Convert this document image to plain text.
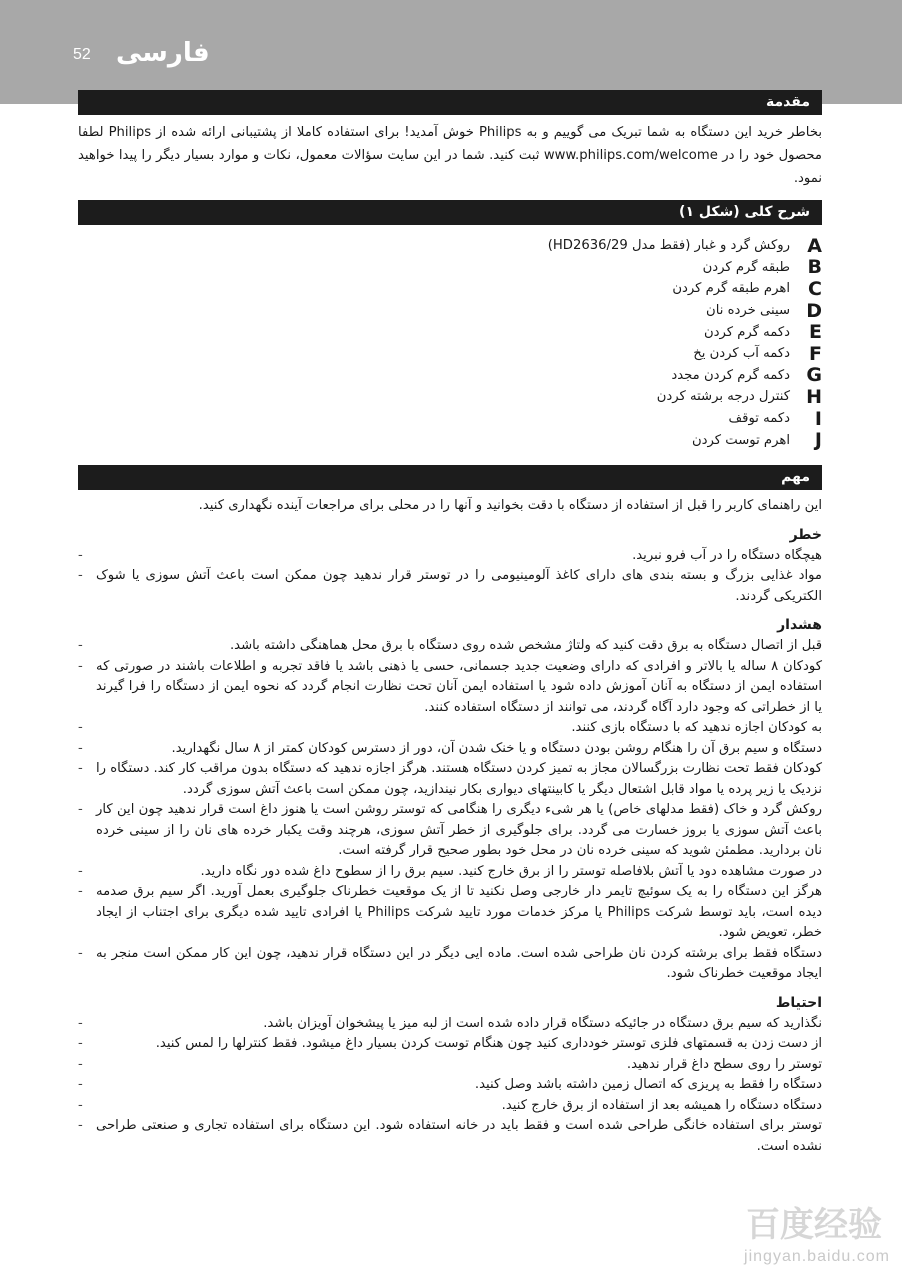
52 فارسی
مقدمة
بخاطر خرید این دستگاه به شما تبریک می گوییم و به Philips خوش آمدید! برای استفاده کاملا از پشتیبانی ارائه شده از Philips لطفا محصول خود را در www.philips.com/welcome ثبت کنید. شما در این سایت سؤالات معمول، نکات و موارد بسیار دیگر را پیدا خواهید نمود.
شرح کلی (شکل ۱)
روکش گرد و غبار (فقط مدل HD2636/29) A
طبقه گرم کردن B
اهرم طبقه گرم کردن C
سینی خرده نان D
دکمه گرم کردن	E
دکمه آب کردن یخ	F
دکمه گرم کردن مجدد G
کنترل درجه برشته کردن H
دکمه توقف	I
اهرم توست کردن	J
مهم
این راهنمای کاربر را قبل از استفاده از دستگاه با دقت بخوانید و آنها را در محلی برای مراجعات آینده نگهداری کنید.
خطر
-	هیچگاه دستگاه را در آب فرو نبرید.
-	مواد غذایی بزرگ و بسته بندی های دارای کاغذ آلومینیومی را در توستر قرار ندهید چون ممکن است باعث آتش سوزی یا شوک الکتریکی گردند.
هشدار
-	قبل از اتصال دستگاه به برق دقت کنید که ولتاژ مشخص شده روی دستگاه با برق محل هماهنگی داشته باشد.
-	کودکان ۸ ساله یا بالاتر و افرادی که دارای وضعیت جدید جسمانی، حسی یا ذهنی باشد یا فاقد تجربه و اطلاعات باشند در صورتی که استفاده ایمن از دستگاه به آنان آموزش داده شود یا استفاده ایمن آنان تحت نظارت انجام گردد که نحوه ایمن از دستگاه را فرا گیرند یا از خطراتی که وجود دارد آگاه گردند، می توانند از دستگاه استفاده کنند.
-	به کودکان اجازه ندهید که با دستگاه بازی کنند.
-	دستگاه و سیم برق آن را هنگام روشن بودن دستگاه و یا خنک شدن آن، دور از دسترس کودکان کمتر از ۸ سال نگهدارید.
-	کودکان فقط تحت نظارت بزرگسالان مجاز به تمیز کردن دستگاه هستند. هرگز اجازه ندهید که دستگاه بدون مراقب کار کند. دستگاه را نزدیک یا زیر پرده یا مواد قابل اشتعال دیگر یا کابینتهای دیواری بکار نیندازید، چون ممکن است باعث آتش سوزی گردد.
-	روکش گرد و خاک (فقط مدلهای خاص) یا هر شیء دیگری را هنگامی که توستر روشن است یا هنوز داغ است قرار ندهید چون این کار باعث آتش سوزی یا بروز خسارت می گردد. برای جلوگیری از خطر آتش سوزی، هرچند وقت یکبار خرده های نان را از سینی خرده نان بردارید. مطمئن شوید که سینی خرده نان در محل خود بطور صحیح قرار گرفته است.
-	در صورت مشاهده دود یا آتش بلافاصله توستر را از برق خارج کنید. سیم برق را از سطوح داغ شده دور نگاه دارید.
-	هرگز این دستگاه را به یک سوئیچ تایمر دار خارجی وصل نکنید تا از یک موقعیت خطرناک جلوگیری بعمل آورید. اگر سیم برق صدمه دیده است، باید توسط شرکت Philips یا مرکز خدمات مورد تایید شرکت Philips یا افرادی تایید شده دیگری برای اجتناب از ایجاد خطر، تعویض شود.
-	دستگاه فقط برای برشته کردن نان طراحی شده است. ماده ایی دیگر در این دستگاه قرار ندهید، چون این کار ممکن است منجر به ایجاد موقعیت خطرناک شود.
احتیاط
-	نگذارید که سیم برق دستگاه در جائیکه دستگاه قرار داده شده است از لبه میز یا پیشخوان آویزان باشد.
-	از دست زدن به قسمتهای فلزی توستر خودداری کنید چون هنگام توست کردن بسیار داغ میشود. فقط کنترلها را لمس کنید.
-	توستر را روی سطح داغ قرار ندهید.
-	دستگاه را فقط به پریزی که اتصال زمین داشته باشد وصل کنید.
-	دستگاه دستگاه را همیشه بعد از استفاده از برق خارج کنید.
-	توستر برای استفاده خانگی طراحی شده است و فقط باید در خانه استفاده شود. این دستگاه برای استفاده تجاری و صنعتی طراحی نشده است.
百度经验
jingyan.baidu.com
